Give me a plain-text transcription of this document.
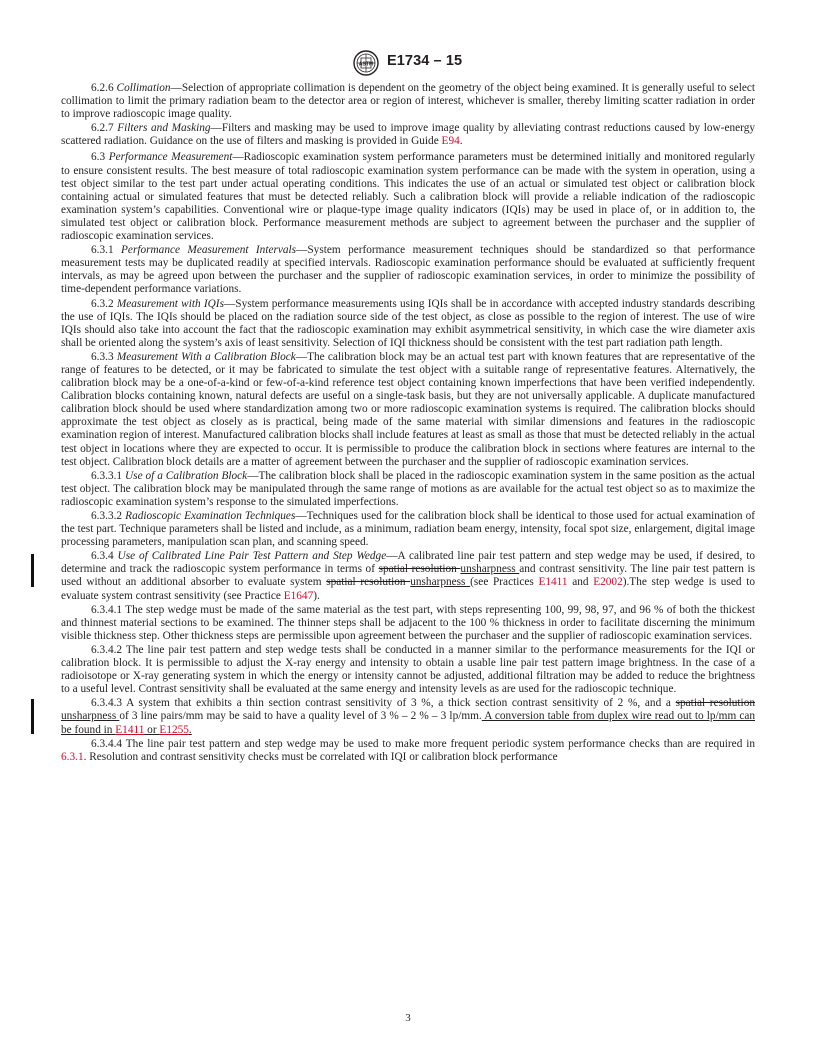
ASTM E1734 – 15

6.2.6 Collimation—Selection of appropriate collimation is dependent on the geometry of the object being examined. It is generally useful to select collimation to limit the primary radiation beam to the detector area or region of interest, whichever is smaller, thereby limiting scatter radiation in order to improve radioscopic image quality.

6.2.7 Filters and Masking—Filters and masking may be used to improve image quality by alleviating contrast reductions caused by low-energy scattered radiation. Guidance on the use of filters and masking is provided in Guide E94.

6.3 Performance Measurement—Radioscopic examination system performance parameters must be determined initially and monitored regularly to ensure consistent results. The best measure of total radioscopic examination system performance can be made with the system in operation, using a test object similar to the test part under actual operating conditions. This indicates the use of an actual or simulated test object or calibration block containing actual or simulated features that must be detected reliably. Such a calibration block will provide a reliable indication of the radioscopic examination system’s capabilities. Conventional wire or plaque-type image quality indicators (IQIs) may be used in place of, or in addition to, the simulated test object or calibration block. Performance measurement methods are subject to agreement between the purchaser and the supplier of radioscopic examination services.

6.3.1 Performance Measurement Intervals—System performance measurement techniques should be standardized so that performance measurement tests may be duplicated readily at specified intervals. Radioscopic examination performance should be evaluated at sufficiently frequent intervals, as may be agreed upon between the purchaser and the supplier of radioscopic examination services, in order to minimize the possibility of time-dependent performance variations.

6.3.2 Measurement with IQIs—System performance measurements using IQIs shall be in accordance with accepted industry standards describing the use of IQIs. The IQIs should be placed on the radiation source side of the test object, as close as possible to the region of interest. The use of wire IQIs should also take into account the fact that the radioscopic examination may exhibit asymmetrical sensitivity, in which case the wire diameter axis shall be oriented along the system’s axis of least sensitivity. Selection of IQI thickness should be consistent with the test part radiation path length.

6.3.3 Measurement With a Calibration Block—The calibration block may be an actual test part with known features that are representative of the range of features to be detected, or it may be fabricated to simulate the test object with a suitable range of representative features. Alternatively, the calibration block may be a one-of-a-kind or few-of-a-kind reference test object containing known imperfections that have been verified independently. Calibration blocks containing known, natural defects are useful on a single-task basis, but they are not universally applicable. A duplicate manufactured calibration block should be used where standardization among two or more radioscopic examination systems is required. The calibration blocks should approximate the test object as closely as is practical, being made of the same material with similar dimensions and features in the radioscopic examination region of interest. Manufactured calibration blocks shall include features at least as small as those that must be detected reliably in the actual test object in locations where they are expected to occur. It is permissible to produce the calibration block in sections where features are internal to the test object. Calibration block details are a matter of agreement between the purchaser and the supplier of radioscopic examination services.

6.3.3.1 Use of a Calibration Block—The calibration block shall be placed in the radioscopic examination system in the same position as the actual test object. The calibration block may be manipulated through the same range of motions as are available for the actual test object so as to maximize the radioscopic examination system’s response to the simulated imperfections.

6.3.3.2 Radioscopic Examination Techniques—Techniques used for the calibration block shall be identical to those used for actual examination of the test part. Technique parameters shall be listed and include, as a minimum, radiation beam energy, intensity, focal spot size, enlargement, digital image processing parameters, manipulation scan plan, and scanning speed.

6.3.4 Use of Calibrated Line Pair Test Pattern and Step Wedge—A calibrated line pair test pattern and step wedge may be used, if desired, to determine and track the radioscopic system performance in terms of spatial resolution unsharpness and contrast sensitivity. The line pair test pattern is used without an additional absorber to evaluate system spatial resolution unsharpness (see Practices E1411 and E2002).The step wedge is used to evaluate system contrast sensitivity (see Practice E1647).

6.3.4.1 The step wedge must be made of the same material as the test part, with steps representing 100, 99, 98, 97, and 96 % of both the thickest and thinnest material sections to be examined. The thinner steps shall be adjacent to the 100 % thickness in order to facilitate discerning the minimum visible thickness step. Other thickness steps are permissible upon agreement between the purchaser and the supplier of radioscopic examination services.

6.3.4.2 The line pair test pattern and step wedge tests shall be conducted in a manner similar to the performance measurements for the IQI or calibration block. It is permissible to adjust the X-ray energy and intensity to obtain a usable line pair test pattern image brightness. In the case of a radioisotope or X-ray generating system in which the energy or intensity cannot be adjusted, additional filtration may be added to reduce the brightness to a useful level. Contrast sensitivity shall be evaluated at the same energy and intensity levels as are used for the radioscopic technique.

6.3.4.3 A system that exhibits a thin section contrast sensitivity of 3 %, a thick section contrast sensitivity of 2 %, and a spatial resolution unsharpness of 3 line pairs/mm may be said to have a quality level of 3 % – 2 % – 3 lp/mm. A conversion table from duplex wire read out to lp/mm can be found in E1411 or E1255.

6.3.4.4 The line pair test pattern and step wedge may be used to make more frequent periodic system performance checks than are required in 6.3.1. Resolution and contrast sensitivity checks must be correlated with IQI or calibration block performance

3
